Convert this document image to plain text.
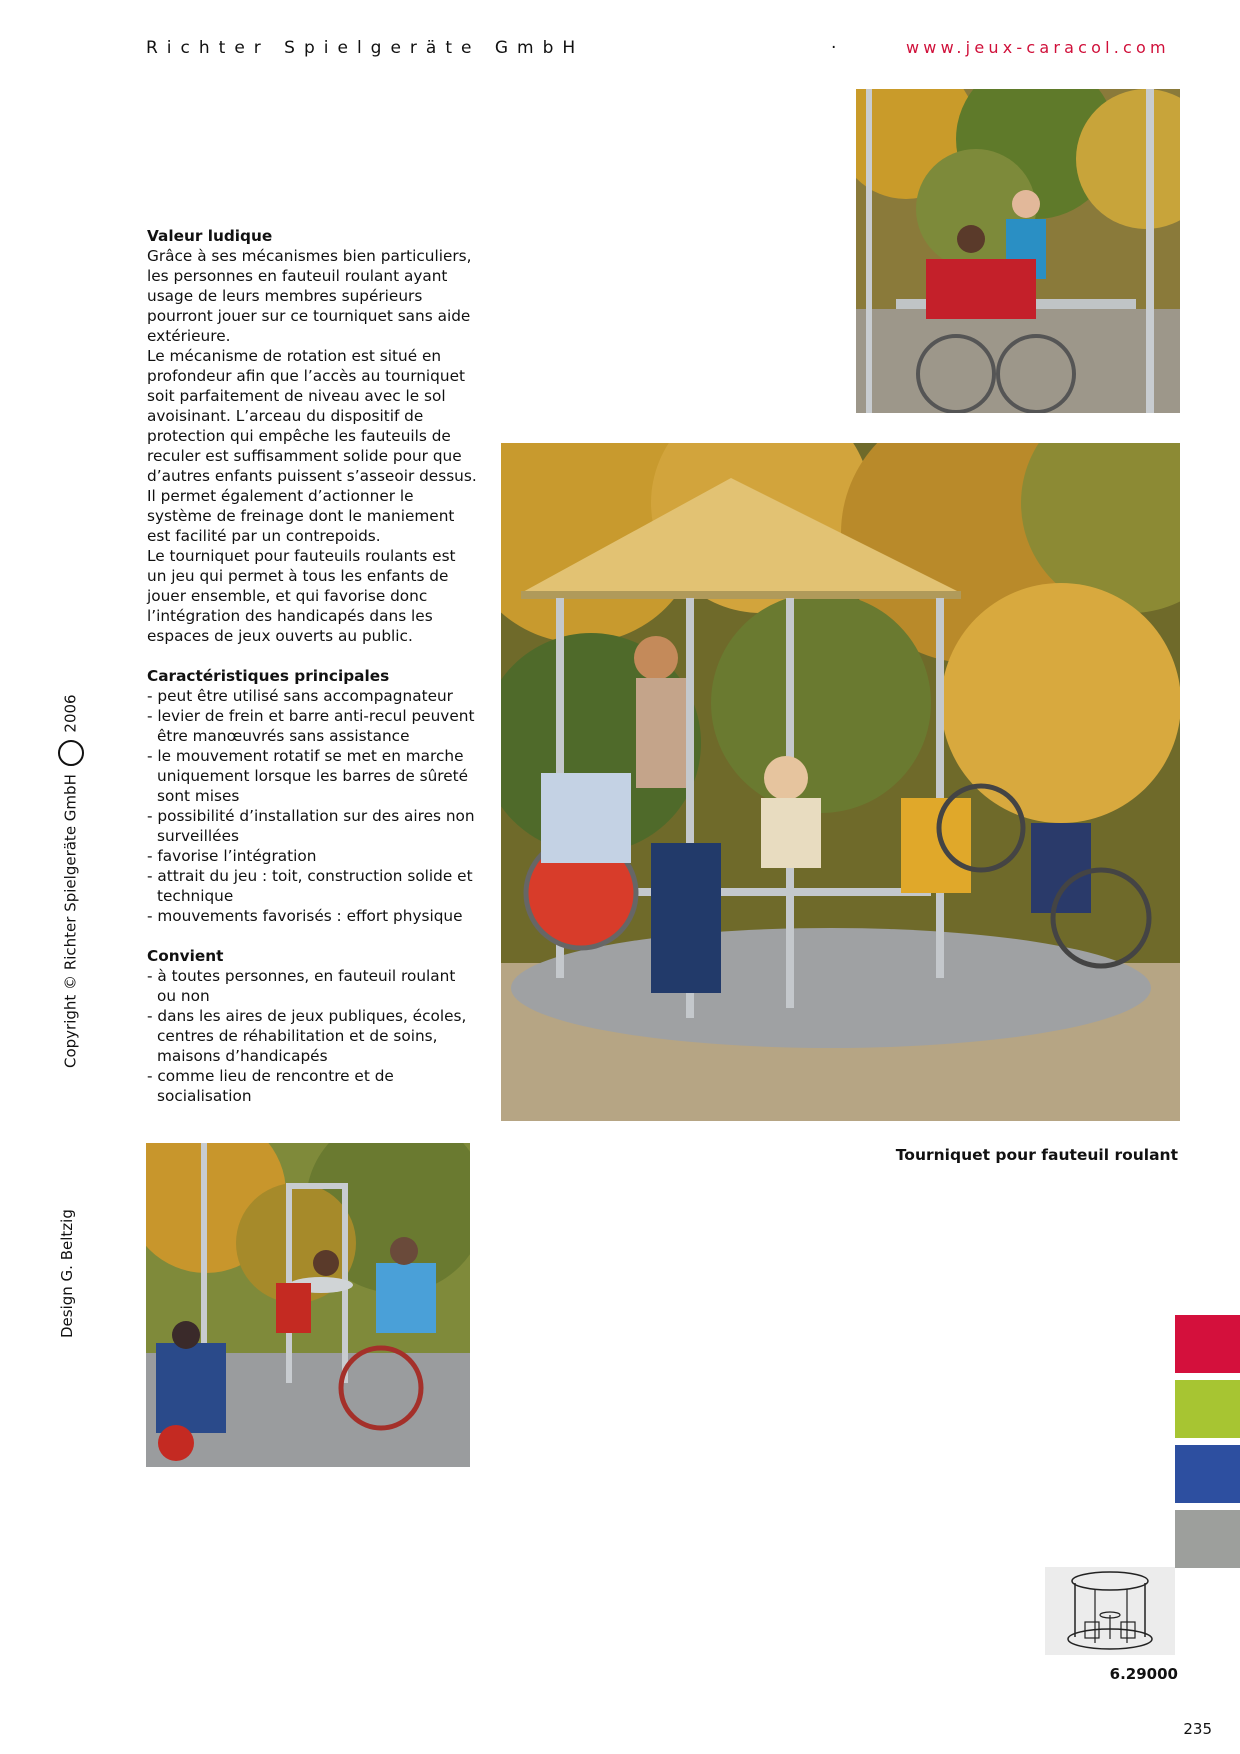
Richter Spielgeräte GmbH	·	www.jeux-caracol.com
Valeur ludique

Grâce à ses mécanismes bien particuliers, les personnes en fauteuil roulant ayant usage de leurs membres supérieurs pourront jouer sur ce tourniquet sans aide extérieure.

Le mécanisme de rotation est situé en profondeur afin que l’accès au tourniquet soit parfaitement de niveau avec le sol avoisinant. L’arceau du dispositif de protection qui empêche les fauteuils de reculer est suffisamment solide pour que d’autres enfants puissent s’asseoir dessus. Il permet également d’actionner le système de freinage dont le maniement est facilité par un contrepoids.

Le tourniquet pour fauteuils roulants est un jeu qui permet à tous les enfants de jouer ensemble, et qui favorise donc l’intégration des handicapés dans les espaces de jeux ouverts au public.

Caractéristiques principales
- peut être utilisé sans accompagnateur
- levier de frein et barre anti-recul peuvent être manœuvrés sans assistance
- le mouvement rotatif se met en marche uniquement lorsque les barres de sûreté sont mises
- possibilité d’installation sur des aires non surveillées
- favorise l’intégration
- attrait du jeu : toit, construction solide et technique
- mouvements favorisés : effort physique
Convient
- à toutes personnes, en fauteuil roulant ou non
- dans les aires de jeux publiques, écoles, centres de réhabilitation et de soins, maisons d’handicapés
- comme lieu de rencontre et de socialisation
Copyright © Richter Spielgeräte GmbH  2006
Design G. Beltzig
Tourniquet pour fauteuil roulant
6.29000
235
